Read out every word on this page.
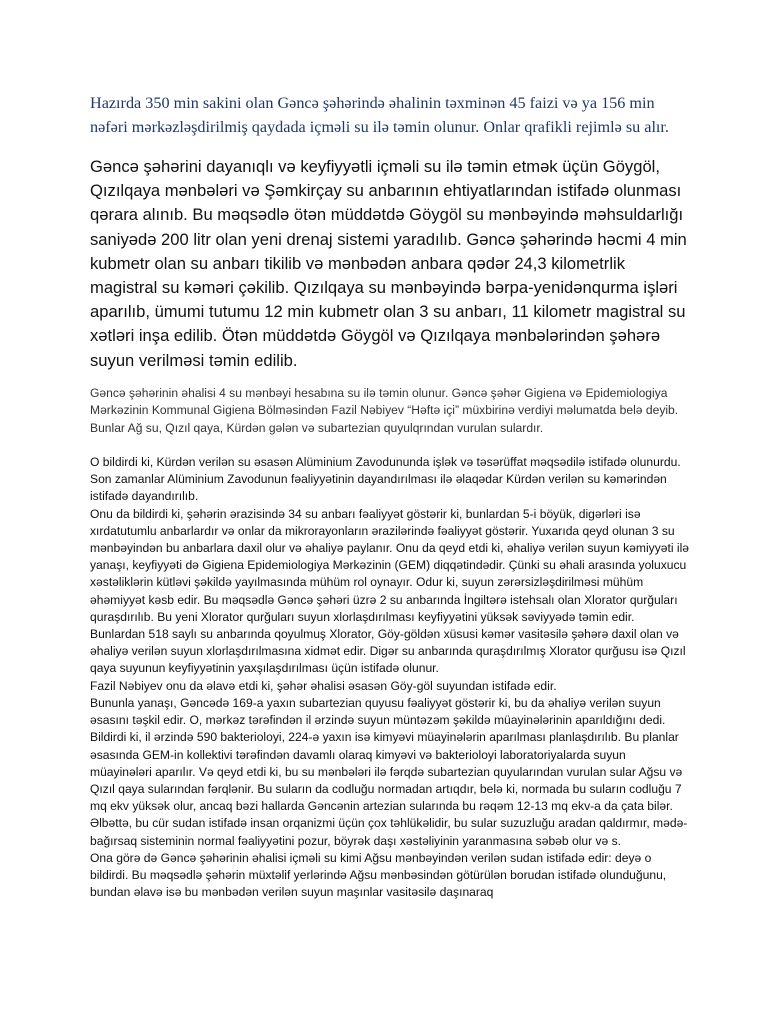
Hazırda 350 min sakini olan Gəncə şəhərində əhalinin təxminən 45 faizi və ya 156 min nəfəri mərkəzləşdirilmiş qaydada içməli su ilə təmin olunur. Onlar qrafikli rejimlə su alır.

Gəncə şəhərini dayanıqlı və keyfiyyətli içməli su ilə təmin etmək üçün Göygöl, Qızılqaya mənbələri və Şəmkirçay su anbarının ehtiyatlarından istifadə olunması qərara alınıb. Bu məqsədlə ötən müddətdə Göygöl su mənbəyində məhsuldarlığı saniyədə 200 litr olan yeni drenaj sistemi yaradılıb. Gəncə şəhərində həcmi 4 min kubmetr olan su anbarı tikilib və mənbədən anbara qədər 24,3 kilometrlik magistral su kəməri çəkilib. Qızılqaya su mənbəyində bərpa-yenidənqurma işləri aparılıb, ümumi tutumu 12 min kubmetr olan 3 su anbarı, 11 kilometr magistral su xətləri inşa edilib. Ötən müddətdə Göygöl və Qızılqaya mənbələrindən şəhərə suyun verilməsi təmin edilib.

Gəncə şəhərinin əhalisi 4 su mənbəyi hesabına su ilə təmin olunur. Gəncə şəhər Gigiena və Epidemiologiya Mərkəzinin Kommunal Gigiena Bölməsindən Fazil Nəbiyev “Həftə içi” müxbirinə verdiyi məlumatda belə deyib. Bunlar Ağ su, Qızıl qaya, Kürdən gələn və subartezian quyulqrından vurulan sulardır.

O bildirdi ki, Kürdən verilən su əsasən Alüminium Zavodununda işlək və təsərüffat məqsədilə istifadə olunurdu. Son zamanlar Alüminium Zavodunun fəaliyyətinin dayandırılması ilə əlaqədar Kürdən verilən su kəmərindən istifadə dayandırılıb.

Onu da bildirdi ki, şəhərin ərazisində 34 su anbarı fəaliyyət göstərir ki, bunlardan 5-i böyük, digərləri isə xırdatutumlu anbarlardır və onlar da mikrorayonların ərazilərində fəaliyyət göstərir. Yuxarıda qeyd olunan 3 su mənbəyindən bu anbarlara daxil olur və əhaliyə paylanır. Onu da qeyd etdi ki, əhaliyə verilən suyun kəmiyyəti ilə yanaşı, keyfiyyəti də Gigiena Epidemiologiya Mərkəzinin (GEM) diqqətindədir. Çünki su əhali arasında yoluxucu xəstəliklərin kütləvi şəkildə yayılmasında mühüm rol oynayır. Odur ki, suyun zərərsizləşdirilməsi mühüm əhəmiyyət kəsb edir. Bu məqsədlə Gəncə şəhəri üzrə 2 su anbarında İngiltərə istehsalı olan Xlorator qurğuları quraşdırılıb. Bu yeni Xlorator qurğuları suyun xlorlaşdırılması keyfiyyətini yüksək səviyyədə təmin edir.

Bunlardan 518 saylı su anbarında qoyulmuş Xlorator, Göy-göldən xüsusi kəmər vasitəsilə şəhərə daxil olan və əhaliyə verilən suyun xlorlaşdırılmasına xidmət edir. Digər su anbarında quraşdırılmış Xlorator qurğusu isə Qızıl qaya suyunun keyfiyyətinin yaxşılaşdırılması üçün istifadə olunur.

Fazil Nəbiyev onu da əlavə etdi ki, şəhər əhalisi əsasən Göy-göl suyundan istifadə edir.

Bununla yanaşı, Gəncədə 169-a yaxın subartezian quyusu fəaliyyət göstərir ki, bu da əhaliyə verilən suyun əsasını təşkil edir. O, mərkəz tərəfindən il ərzində suyun müntəzəm şəkildə müayinələrinin aparıldığını dedi. Bildirdi ki, il ərzində 590 bakterioloyi, 224-ə yaxın isə kimyəvi müayinələrin aparılması planlaşdırılıb. Bu planlar əsasında GEM-in kollektivi tərəfindən davamlı olaraq kimyəvi və bakterioloyi laboratoriyalarda suyun müayinələri aparılır. Və qeyd etdi ki, bu su mənbələri ilə fərqdə subartezian quyularından vurulan sular Ağsu və Qızıl qaya sularından fərqlənir. Bu suların da codluğu normadan artıqdır, belə ki, normada bu suların codluğu 7 mq ekv yüksək olur, ancaq bəzi hallarda Gəncənin artezian sularında bu rəqəm 12-13 mq ekv-a da çata bilər. Əlbəttə, bu cür sudan istifadə insan orqanizmi üçün çox təhlükəlidir, bu sular suzuzluğu aradan qaldırmır, mədə-bağırsaq sisteminin normal fəaliyyətini pozur, böyrək daşı xəstəliyinin yaranmasına səbəb olur və s.

Ona görə də Gəncə şəhərinin əhalisi içməli su kimi Ağsu mənbəyindən verilən sudan istifadə edir: deyə o bildirdi. Bu məqsədlə şəhərin müxtəlif yerlərində Ağsu mənbəsindən götürülən borudan istifadə olunduğunu, bundan əlavə isə bu mənbədən verilən suyun maşınlar vasitəsilə daşınaraq
